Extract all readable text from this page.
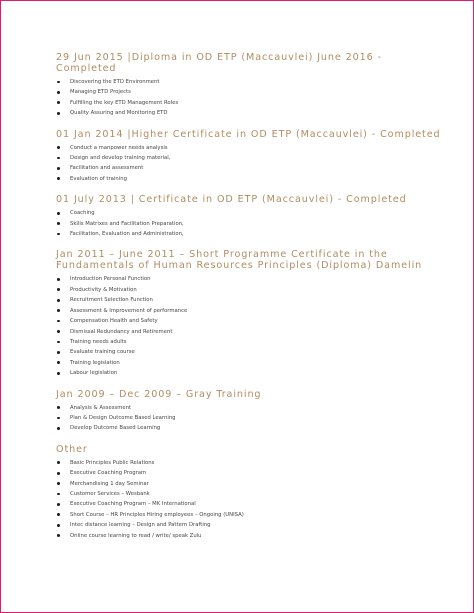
29 Jun 2015 |Diploma in OD ETP (Maccauvlei) June 2016 - Completed
Discovering the ETD Environment
Managing ETD Projects
Fulfilling the key ETD Management Roles
Quality Assuring and Monitoring ETD
01 Jan 2014 |Higher Certificate in OD ETP (Maccauvlei) - Completed
Conduct a manpower needs analysis
Design and develop training material,
Facilitation and assessment
Evaluation of training
01 July 2013 | Certificate in OD ETP (Maccauvlei) - Completed
Coaching
Skills Matrixes and Facilitation Preparation,
Facilitation, Evaluation and Administration,
Jan 2011 – June 2011 – Short Programme Certificate in the Fundamentals of Human Resources Principles (Diploma) Damelin
Introduction Personal Function
Productivity & Motivation
Recruitment Selection Function
Assessment & Improvement of performance
Compensation Health and Safety
Dismissal Redundancy and Retirement
Training needs adults
Evaluate training course
Training legislation
Labour legislation
Jan 2009 – Dec 2009 – Gray Training
Analysis & Assessment
Plan & Design Outcome Based Learning
Develop Outcome Based Learning
Other
Basic Principles Public Relations
Executive Coaching Program
Merchandising 1 day Seminar
Customer Services – Wesbank
Executive Coaching Program – MK International
Short Course – HR Principles Hiring employees – Ongoing (UNISA)
Intec distance learning – Design and Pattern Drafting
Online course learning to read / write/ speak Zulu
